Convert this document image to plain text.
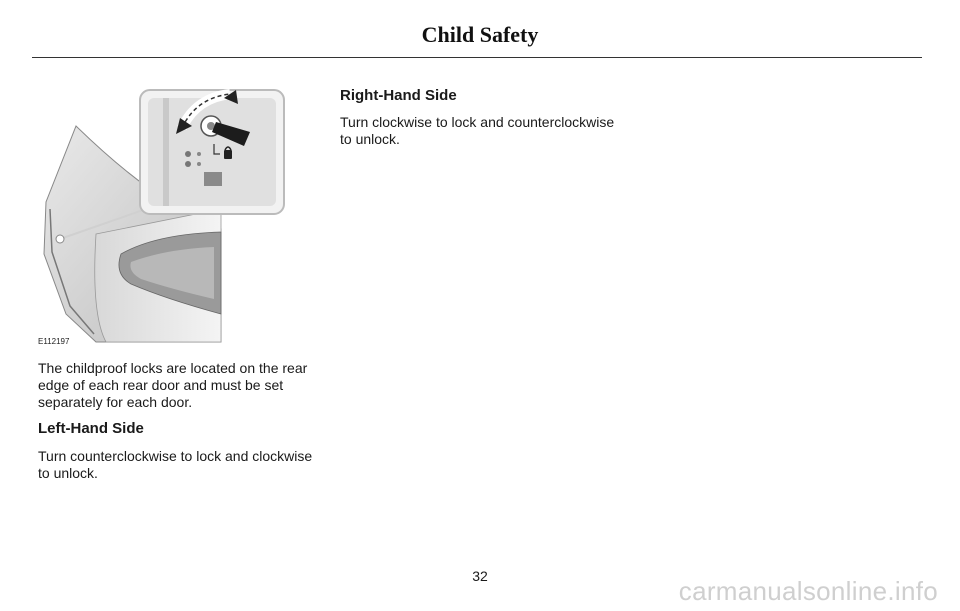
Child Safety
E112197

The childproof locks are located on the rear edge of each rear door and must be set separately for each door.

Left-Hand Side

Turn counterclockwise to lock and clockwise to unlock.

Right-Hand Side

Turn clockwise to lock and counterclockwise to unlock.

32	carmanualsonline.info
